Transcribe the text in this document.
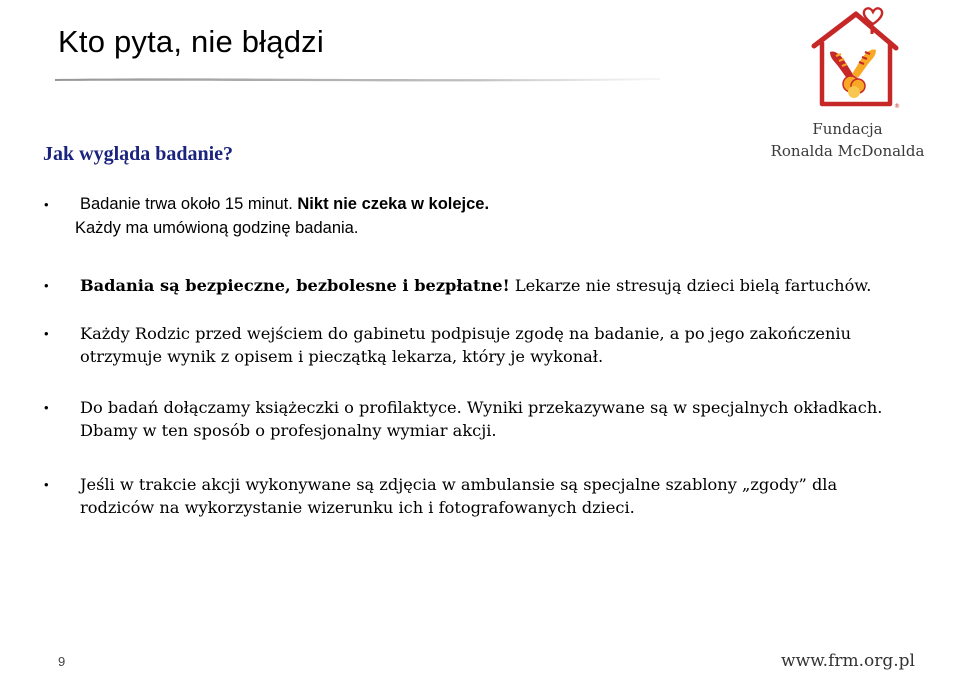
Kto pyta, nie błądzi
®
Fundacja
Ronalda McDonalda
Jak wygląda badanie?
• Badanie trwa około 15 minut. Nikt nie czeka w kolejce.
Każdy ma umówioną godzinę badania.
• Badania są bezpieczne, bezbolesne i bezpłatne! Lekarze nie stresują dzieci bielą fartuchów.
• Każdy Rodzic przed wejściem do gabinetu podpisuje zgodę na badanie, a po jego zakończeniu otrzymuje wynik z opisem i pieczątką lekarza, który je wykonał.
• Do badań dołączamy książeczki o profilaktyce. Wyniki przekazywane są w specjalnych okładkach. Dbamy w ten sposób o profesjonalny wymiar akcji.
• Jeśli w trakcie akcji wykonywane są zdjęcia w ambulansie są specjalne szablony „zgody” dla rodziców na wykorzystanie wizerunku ich i fotografowanych dzieci.
9	www.frm.org.pl
